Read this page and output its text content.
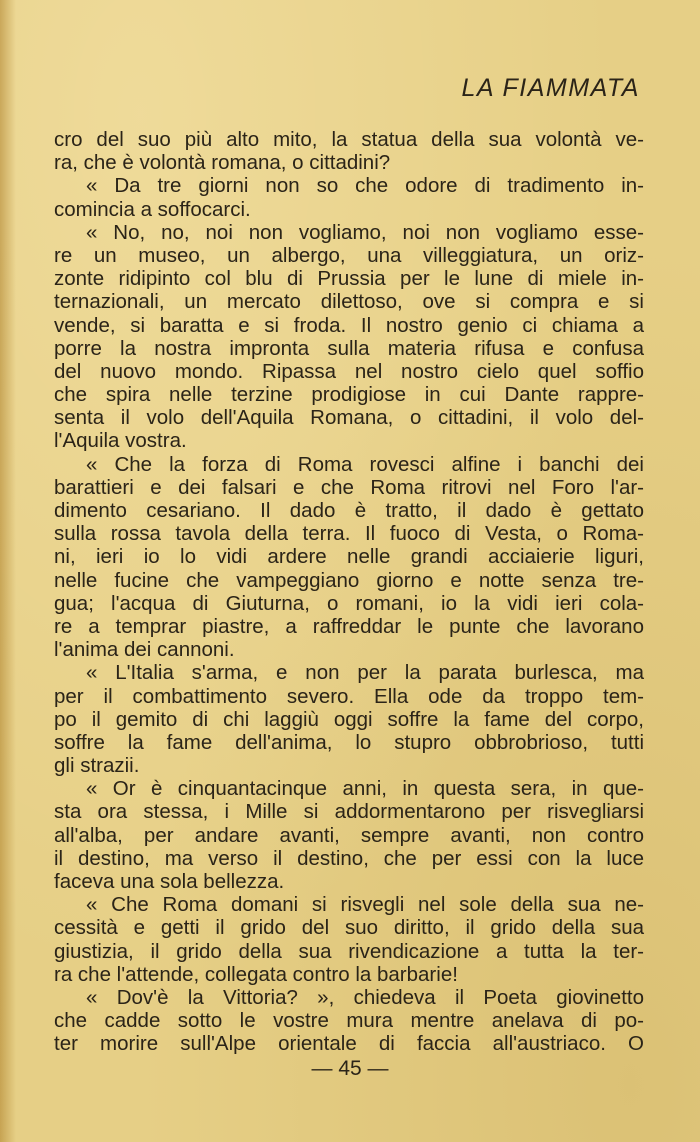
LA FIAMMATA
cro del suo più alto mito, la statua della sua volontà ve-
ra, che è volontà romana, o cittadini?
« Da tre giorni non so che odore di tradimento in-
comincia a soffocarci.
« No, no, noi non vogliamo, noi non vogliamo esse-
re un museo, un albergo, una villeggiatura, un oriz-
zonte ridipinto col blu di Prussia per le lune di miele in-
ternazionali, un mercato dilettoso, ove si compra e si
vende, si baratta e si froda. Il nostro genio ci chiama a
porre la nostra impronta sulla materia rifusa e confusa
del nuovo mondo. Ripassa nel nostro cielo quel soffio
che spira nelle terzine prodigiose in cui Dante rappre-
senta il volo dell'Aquila Romana, o cittadini, il volo del-
l'Aquila vostra.
« Che la forza di Roma rovesci alfine i banchi dei
barattieri e dei falsari e che Roma ritrovi nel Foro l'ar-
dimento cesariano. Il dado è tratto, il dado è gettato
sulla rossa tavola della terra. Il fuoco di Vesta, o Roma-
ni, ieri io lo vidi ardere nelle grandi acciaierie liguri,
nelle fucine che vampeggiano giorno e notte senza tre-
gua; l'acqua di Giuturna, o romani, io la vidi ieri cola-
re a temprar piastre, a raffreddar le punte che lavorano
l'anima dei cannoni.
« L'Italia s'arma, e non per la parata burlesca, ma
per il combattimento severo. Ella ode da troppo tem-
po il gemito di chi laggiù oggi soffre la fame del corpo,
soffre la fame dell'anima, lo stupro obbrobrioso, tutti
gli strazii.
« Or è cinquantacinque anni, in questa sera, in que-
sta ora stessa, i Mille si addormentarono per risvegliarsi
all'alba, per andare avanti, sempre avanti, non contro
il destino, ma verso il destino, che per essi con la luce
faceva una sola bellezza.
« Che Roma domani si risvegli nel sole della sua ne-
cessità e getti il grido del suo diritto, il grido della sua
giustizia, il grido della sua rivendicazione a tutta la ter-
ra che l'attende, collegata contro la barbarie!
« Dov'è la Vittoria? », chiedeva il Poeta giovinetto
che cadde sotto le vostre mura mentre anelava di po-
ter morire sull'Alpe orientale di faccia all'austriaco. O
— 45 —
